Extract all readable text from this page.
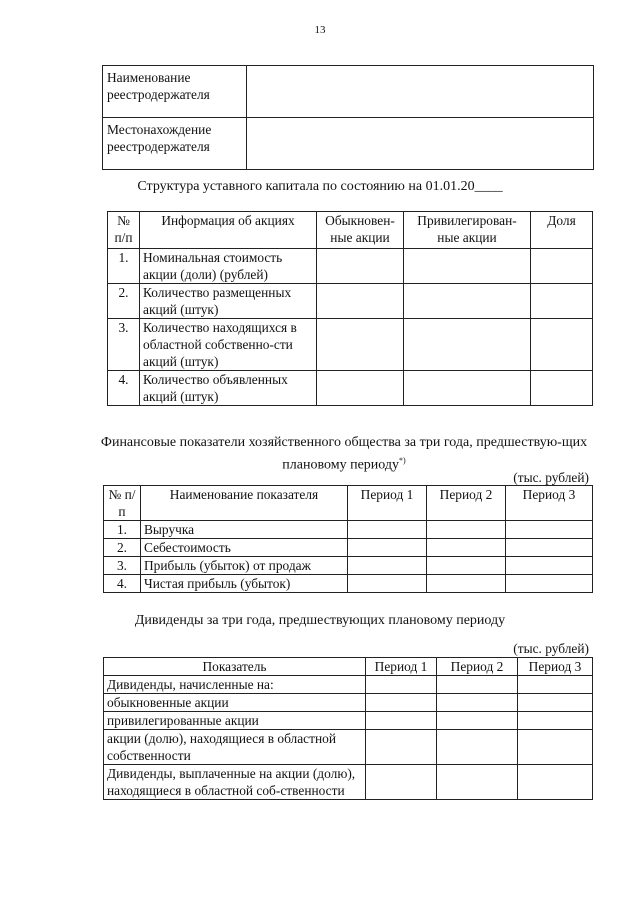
13
Наименование реестродержателя	
Местонахождение реестродержателя	
Структура уставного капитала по состоянию на 01.01.20____
№ п/п	Информация об акциях	Обыкновен-ные акции	Привилегирован-ные акции	Доля
1.	Номинальная стоимость акции (доли) (рублей)			
2.	Количество размещенных акций (штук)			
3.	Количество находящихся в областной собственно-сти акций (штук)			
4.	Количество объявленных акций (штук)			
Финансовые показатели хозяйственного общества за три года, предшествую-щих плановому периоду*)
(тыс. рублей)
№ п/п	Наименование показателя	Период 1	Период 2	Период 3
1.	Выручка			
2.	Себестоимость			
3.	Прибыль (убыток) от продаж			
4.	Чистая прибыль (убыток)			
Дивиденды за три года, предшествующих плановому периоду
(тыс. рублей)
Показатель	Период 1	Период 2	Период 3
Дивиденды, начисленные на:			
обыкновенные акции			
привилегированные акции			
акции (долю), находящиеся в областной собственности			
Дивиденды, выплаченные на акции (долю), находящиеся в областной соб-ственности			
